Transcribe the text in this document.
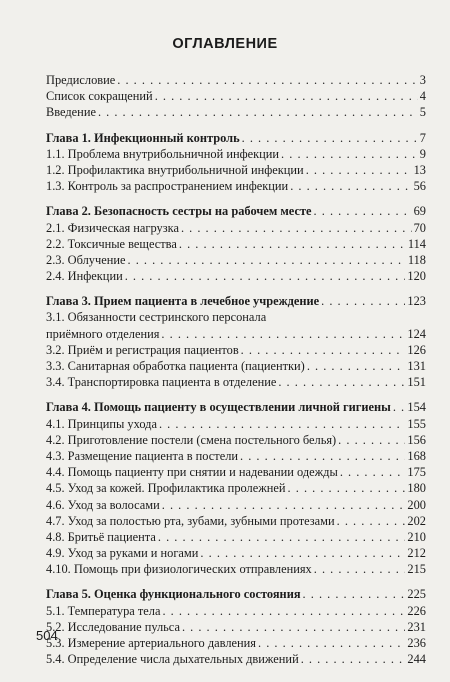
ОГЛАВЛЕНИЕ
Предисловие . . .	3
Список сокращений . . .	4
Введение . . .	5
Глава 1. Инфекционный контроль . . .	7
1.1. Проблема внутрибольничной инфекции . . .	9
1.2. Профилактика внутрибольничной инфекции . . .	13
1.3. Контроль за распространением инфекции . . .	56
Глава 2. Безопасность сестры на рабочем месте . . .	69
2.1. Физическая нагрузка . . .	70
2.2. Токсичные вещества . . .	114
2.3. Облучение . . .	118
2.4. Инфекции . . .	120
Глава 3. Прием пациента в лечебное учреждение . . .	123
3.1. Обязанности сестринского персонала
приёмного отделения . . .	124
3.2. Приём и регистрация пациентов . . .	126
3.3. Санитарная обработка пациента (пациентки) . . .	131
3.4. Транспортировка пациента в отделение . . .	151
Глава 4. Помощь пациенту в осуществлении личной гигиены . . . 154
4.1. Принципы ухода . . .	155
4.2. Приготовление постели (смена постельного белья) . . .	156
4.3. Размещение пациента в постели . . .	168
4.4. Помощь пациенту при снятии и надевании одежды . . .	175
4.5. Уход за кожей. Профилактика пролежней . . .	180
4.6. Уход за волосами . . .	200
4.7. Уход за полостью рта, зубами, зубными протезами . . .	202
4.8. Бритьё пациента . . .	210
4.9. Уход за руками и ногами . . .	212
4.10. Помощь при физиологических отправлениях . . .	215
Глава 5. Оценка функционального состояния . . .	225
5.1. Температура тела . . .	226
5.2. Исследование пульса . . .	231
5.3. Измерение артериального давления . . .	236
5.4. Определение числа дыхательных движений . . .	244
504
